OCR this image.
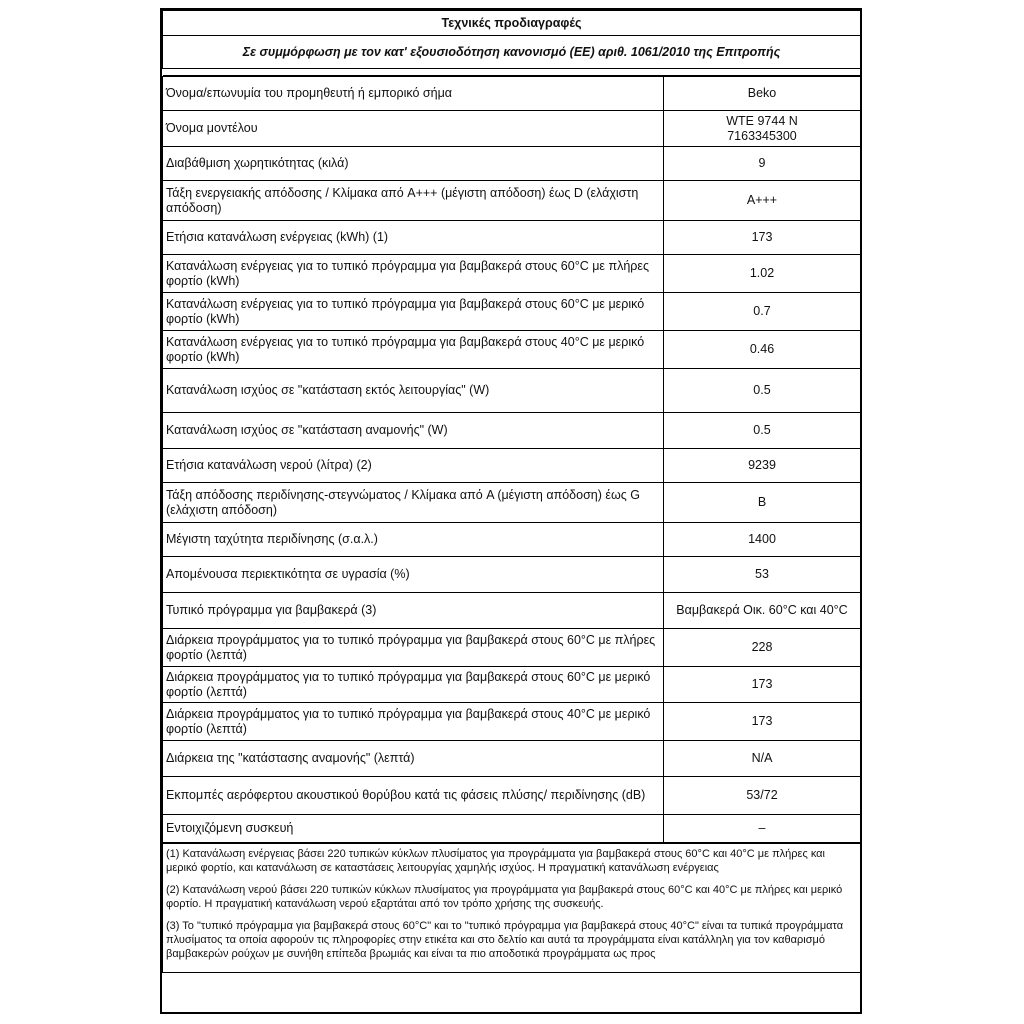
Τεχνικές προδιαγραφές
Σε συμμόρφωση με τον κατ' εξουσιοδότηση κανονισμό (ΕΕ) αριθ. 1061/2010 της Επιτροπής

Όνομα/επωνυμία του προμηθευτή ή εμπορικό σήμα	Beko

Όνομα μοντέλου	WTE 9744 N
7163345300

Διαβάθμιση χωρητικότητας (κιλά)	9

Τάξη ενεργειακής απόδοσης / Κλίμακα από A+++ (μέγιστη απόδοση) έως D (ελάχιστη απόδοση)	A+++

Ετήσια κατανάλωση ενέργειας (kWh) (1)	173

Κατανάλωση ενέργειας για το τυπικό πρόγραμμα για βαμβακερά στους 60°C με πλήρες φορτίο (kWh)	1.02

Κατανάλωση ενέργειας για το τυπικό πρόγραμμα για βαμβακερά στους 60°C με μερικό φορτίο (kWh)	0.7

Κατανάλωση ενέργειας για το τυπικό πρόγραμμα για βαμβακερά στους 40°C με μερικό φορτίο (kWh)	0.46

Κατανάλωση ισχύος σε "κατάσταση εκτός λειτουργίας" (W)	0.5

Κατανάλωση ισχύος σε "κατάσταση αναμονής" (W)	0.5

Ετήσια κατανάλωση νερού (λίτρα) (2)	9239

Τάξη απόδοσης περιδίνησης-στεγνώματος / Κλίμακα από A (μέγιστη απόδοση) έως G (ελάχιστη απόδοση)	B

Μέγιστη ταχύτητα περιδίνησης (σ.α.λ.)	1400

Απομένουσα περιεκτικότητα σε υγρασία (%)	53

Τυπικό πρόγραμμα για βαμβακερά (3)	Βαμβακερά Οικ. 60°C και 40°C

Διάρκεια προγράμματος για το τυπικό πρόγραμμα για βαμβακερά στους 60°C με πλήρες φορτίο (λεπτά)	228

Διάρκεια προγράμματος για το τυπικό πρόγραμμα για βαμβακερά στους 60°C με μερικό φορτίο (λεπτά)	173

Διάρκεια προγράμματος για το τυπικό πρόγραμμα για βαμβακερά στους 40°C με μερικό φορτίο (λεπτά)	173

Διάρκεια της "κατάστασης αναμονής" (λεπτά)	N/A

Εκπομπές αερόφερτου ακουστικού θορύβου κατά τις φάσεις πλύσης/ περιδίνησης (dB)	53/72

Εντοιχιζόμενη συσκευή	–
(1) Κατανάλωση ενέργειας βάσει 220 τυπικών κύκλων πλυσίματος για προγράμματα για βαμβακερά στους 60°C και 40°C με πλήρες και μερικό φορτίο, και κατανάλωση σε καταστάσεις λειτουργίας χαμηλής ισχύος. Η πραγματική κατανάλωση ενέργειας
(2) Κατανάλωση νερού βάσει 220 τυπικών κύκλων πλυσίματος για προγράμματα για βαμβακερά στους 60°C και 40°C με πλήρες και μερικό φορτίο. Η πραγματική κατανάλωση νερού εξαρτάται από τον τρόπο χρήσης της συσκευής.
(3) Το "τυπικό πρόγραμμα για βαμβακερά στους 60°C" και το "τυπικό πρόγραμμα για βαμβακερά στους 40°C" είναι τα τυπικά προγράμματα πλυσίματος τα οποία αφορούν τις πληροφορίες στην ετικέτα και στο δελτίο και αυτά τα προγράμματα είναι κατάλληλη για τον καθαρισμό βαμβακερών ρούχων με συνήθη επίπεδα βρωμιάς και είναι τα πιο αποδοτικά προγράμματα ως προς
